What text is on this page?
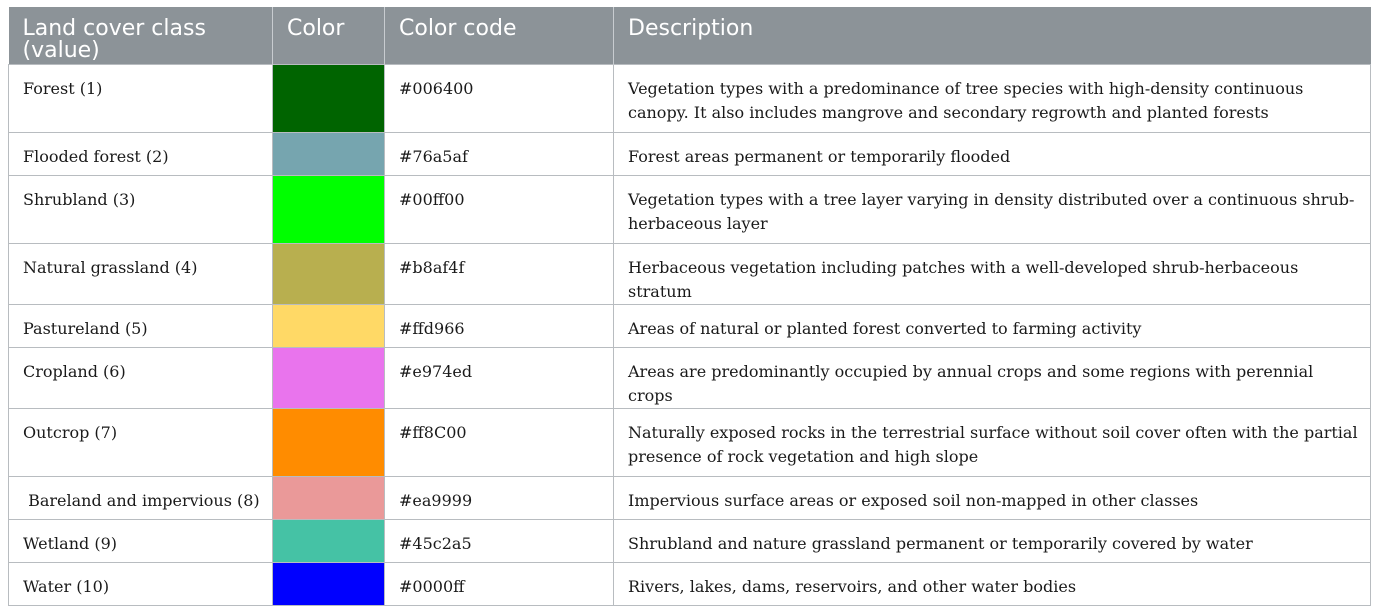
Land cover class (value)	Color	Color code	Description
Forest (1)		#006400	Vegetation types with a predominance of tree species with high-density continuous canopy. It also includes mangrove and secondary regrowth and planted forests
Flooded forest (2)		#76a5af	Forest areas permanent or temporarily flooded
Shrubland (3)		#00ff00	Vegetation types with a tree layer varying in density distributed over a continuous shrub-herbaceous layer
Natural grassland (4)		#b8af4f	Herbaceous vegetation including patches with a well-developed shrub-herbaceous stratum
Pastureland (5)		#ffd966	Areas of natural or planted forest converted to farming activity
Cropland (6)		#e974ed	Areas are predominantly occupied by annual crops and some regions with perennial crops
Outcrop (7)		#ff8C00	Naturally exposed rocks in the terrestrial surface without soil cover often with the partial presence of rock vegetation and high slope
Bareland and impervious (8)		#ea9999	Impervious surface areas or exposed soil non-mapped in other classes
Wetland (9)		#45c2a5	Shrubland and nature grassland permanent or temporarily covered by water
Water (10)		#0000ff	Rivers, lakes, dams, reservoirs, and other water bodies
